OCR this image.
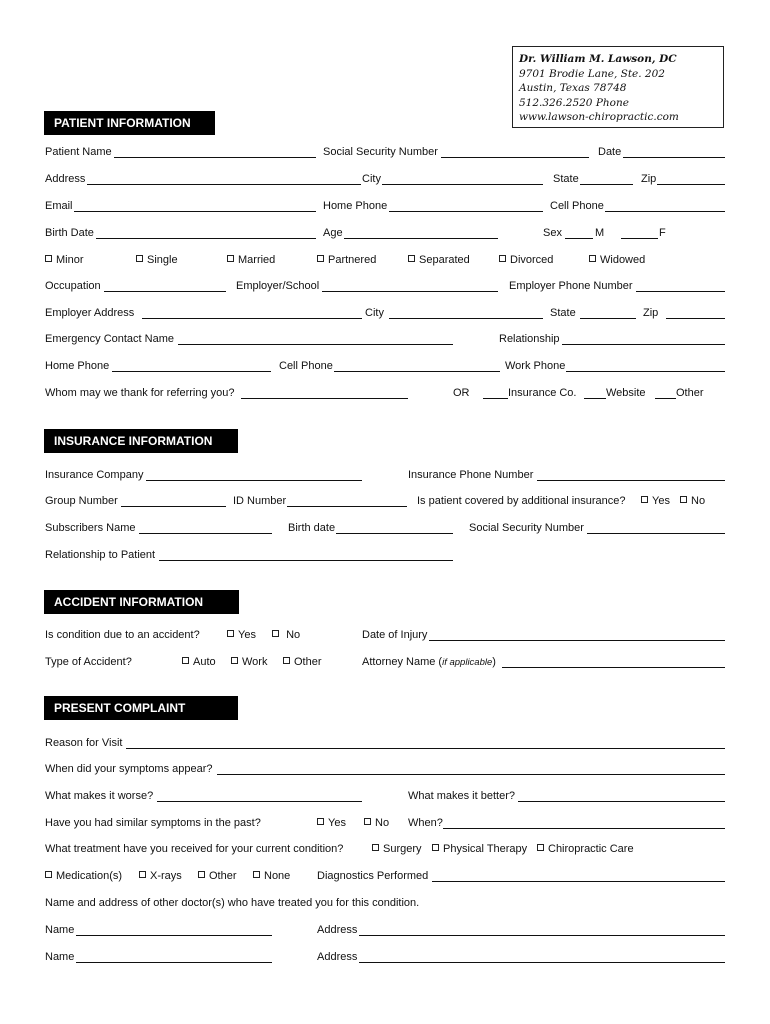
Dr. William M. Lawson, DC
9701 Brodie Lane, Ste. 202
Austin, Texas 78748
512.326.2520 Phone
www.lawson-chiropractic.com
PATIENT INFORMATION
Patient Name	Social Security Number	Date
Address	City	State	Zip
Email	Home Phone	Cell Phone
Birth Date	Age	Sex	M	F
Minor	Single	Married	Partnered	Separated	Divorced	Widowed
Occupation	Employer/School	Employer Phone Number
Employer Address	City	State	Zip
Emergency Contact Name	Relationship
Home Phone	Cell Phone	Work Phone
Whom may we thank for referring you?	OR	Insurance Co.	Website	Other
INSURANCE INFORMATION
Insurance Company	Insurance Phone Number
Group Number	ID Number	Is patient covered by additional insurance?	Yes	No
Subscribers Name	Birth date	Social Security Number
Relationship to Patient
ACCIDENT INFORMATION
Is condition due to an accident?	Yes	No	Date of Injury
Type of Accident?	Auto	Work	Other	Attorney Name (if applicable)
PRESENT COMPLAINT
Reason for Visit
When did your symptoms appear?
What makes it worse?	What makes it better?
Have you had similar symptoms in the past?	Yes	No When?
What treatment have you received for your current condition?	Surgery	Physical Therapy	Chiropractic Care
Medication(s)	X-rays	Other	None Diagnostics Performed
Name and address of other doctor(s) who have treated you for this condition.
Name	Address
Name	Address
